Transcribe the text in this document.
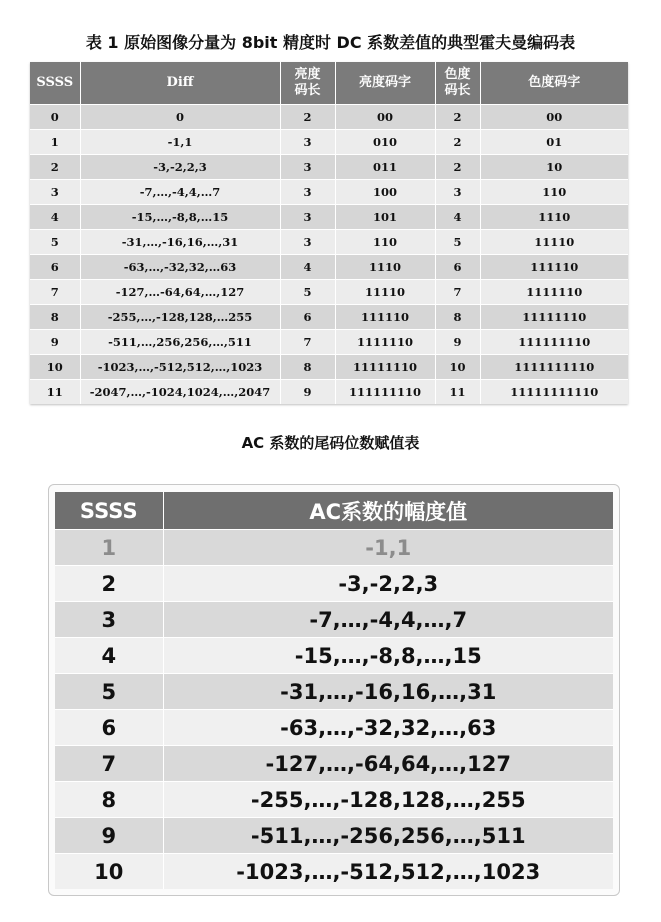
表 1 原始图像分量为 8bit 精度时 DC 系数差值的典型霍夫曼编码表
SSSS	Diff	亮度码长	亮度码字	色度码长	色度码字
0	0	2	00	2	00
1	-1,1	3	010	2	01
2	-3,-2,2,3	3	011	2	10
3	-7,…,-4,4,…7	3	100	3	110
4	-15,…,-8,8,…15	3	101	4	1110
5	-31,…,-16,16,…,31	3	110	5	11110
6	-63,…,-32,32,…63	4	1110	6	111110
7	-127,…-64,64,…,127	5	11110	7	1111110
8	-255,…,-128,128,…255	6	111110	8	11111110
9	-511,…,256,256,…,511	7	1111110	9	111111110
10	-1023,…,-512,512,…,1023	8	11111110	10	1111111110
11	-2047,…,-1024,1024,…,2047	9	111111110	11	11111111110
AC 系数的尾码位数赋值表
SSSS	AC系数的幅度值
1	-1,1
2	-3,-2,2,3
3	-7,…,-4,4,…,7
4	-15,…,-8,8,…,15
5	-31,…,-16,16,…,31
6	-63,…,-32,32,…,63
7	-127,…,-64,64,…,127
8	-255,…,-128,128,…,255
9	-511,…,-256,256,…,511
10	-1023,…,-512,512,…,1023
